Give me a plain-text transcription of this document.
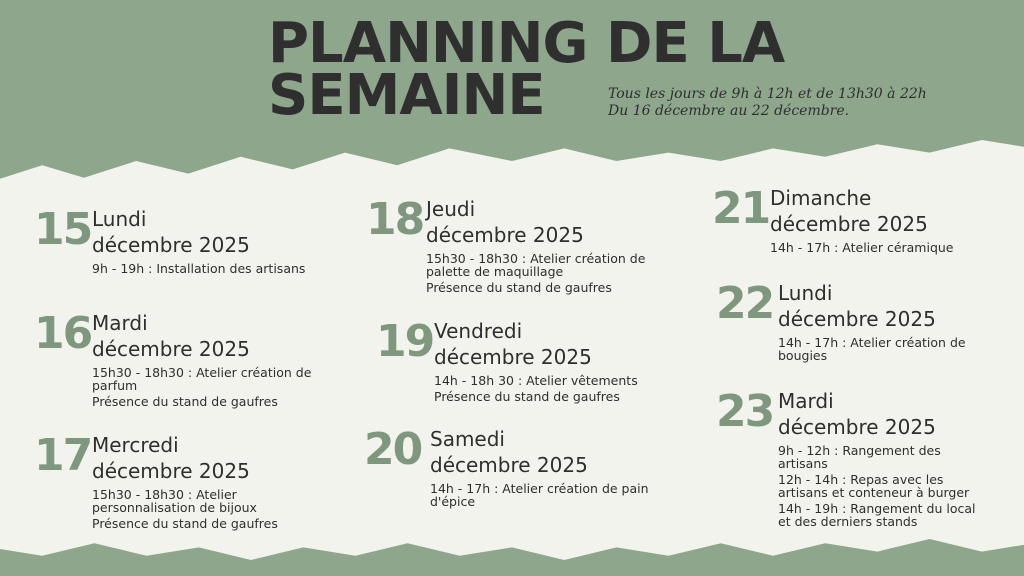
PLANNING DE LA
SEMAINE	Tous les jours de 9h à 12h et de 13h30 à 22h
Du 16 décembre au 22 décembre.
15 Lundi
décembre 2025
9h - 19h : Installation des artisans
16 Mardi
décembre 2025
15h30 - 18h30 : Atelier création de parfum
Présence du stand de gaufres
17 Mercredi
décembre 2025
15h30 - 18h30 : Atelier personnalisation de bijoux
Présence du stand de gaufres
18 Jeudi
décembre 2025
15h30 - 18h30 : Atelier création de palette de maquillage
Présence du stand de gaufres
19 Vendredi
décembre 2025
14h - 18h 30 : Atelier vêtements
Présence du stand de gaufres
20 Samedi
décembre 2025
14h - 17h : Atelier création de pain d'épice
21 Dimanche
décembre 2025
14h - 17h : Atelier céramique
22 Lundi
décembre 2025
14h - 17h : Atelier création de bougies
23 Mardi
décembre 2025
9h - 12h : Rangement des artisans
12h - 14h : Repas avec les artisans et conteneur à burger
14h - 19h : Rangement du local et des derniers stands
